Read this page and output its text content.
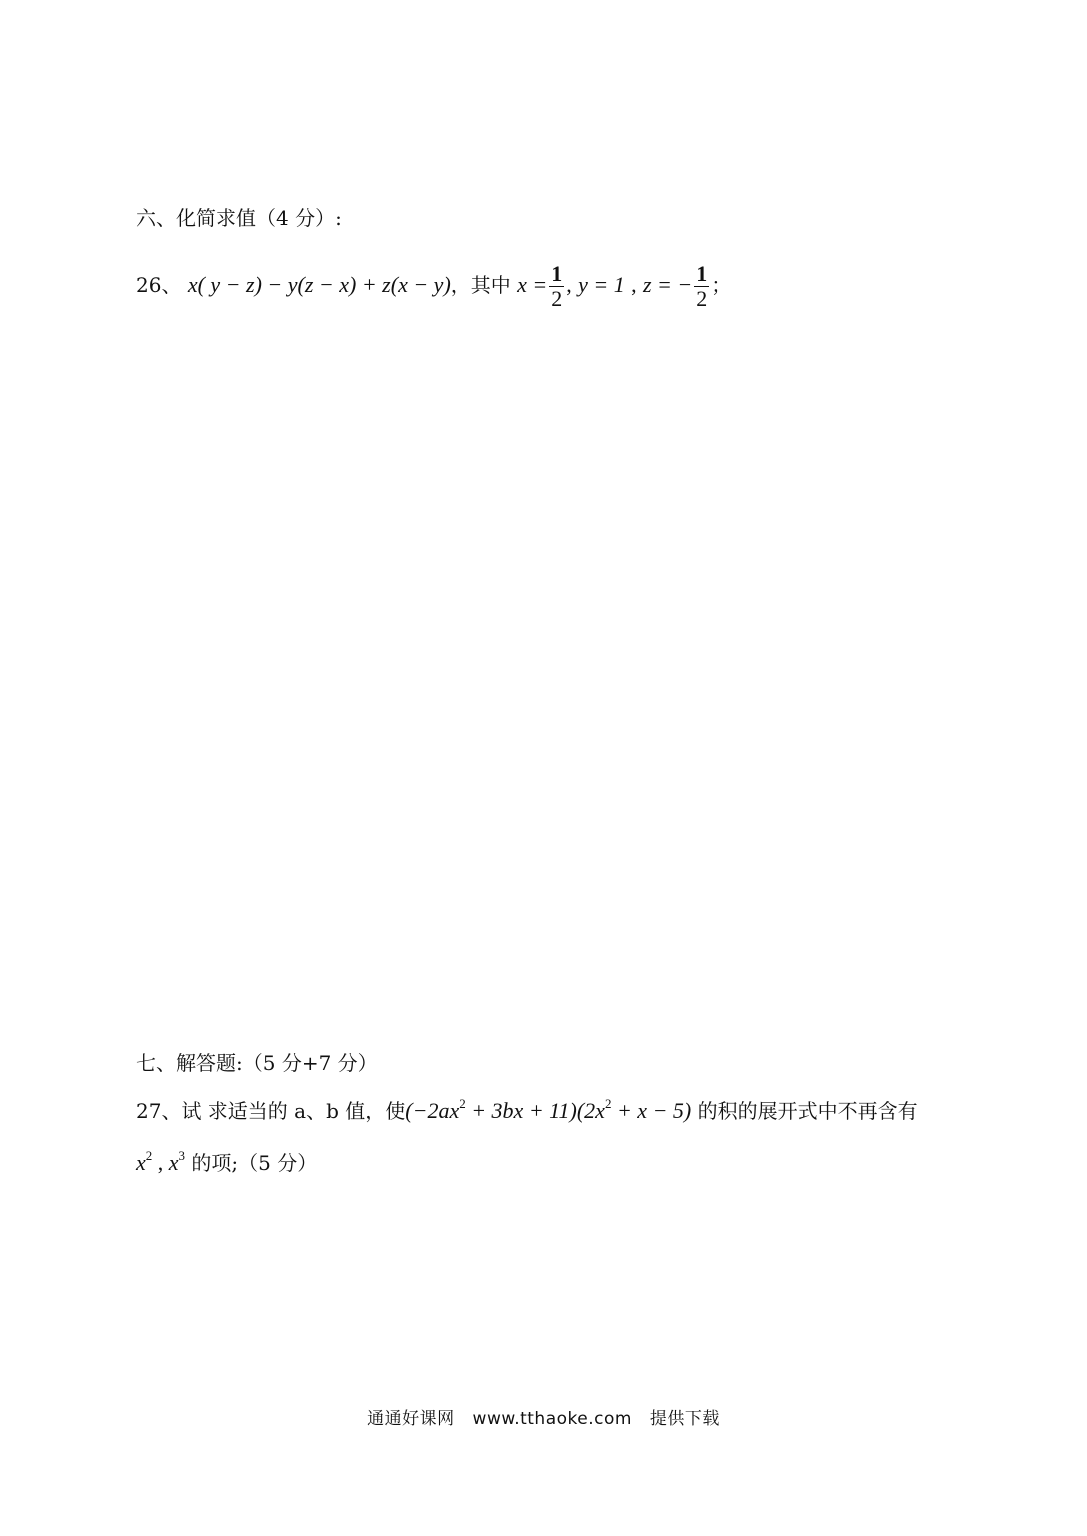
六、化简求值（4 分）:
26、 x( y − z) − y(z − x) + z(x − y)，其中 $x = \frac{1}{2}$ , y = 1 , z = − $\frac{1}{2}$ ；
七、解答题:（5 分+7 分）
27、试 求适当的 a、b 值，使$(-2ax^2 + 3bx + 11)(2x^2 + x - 5)$ 的积的展开式中不再含有
$x^2$ , $x^3$ 的项;（5 分）
通通好课网 www.tthaoke.com 提供下载
